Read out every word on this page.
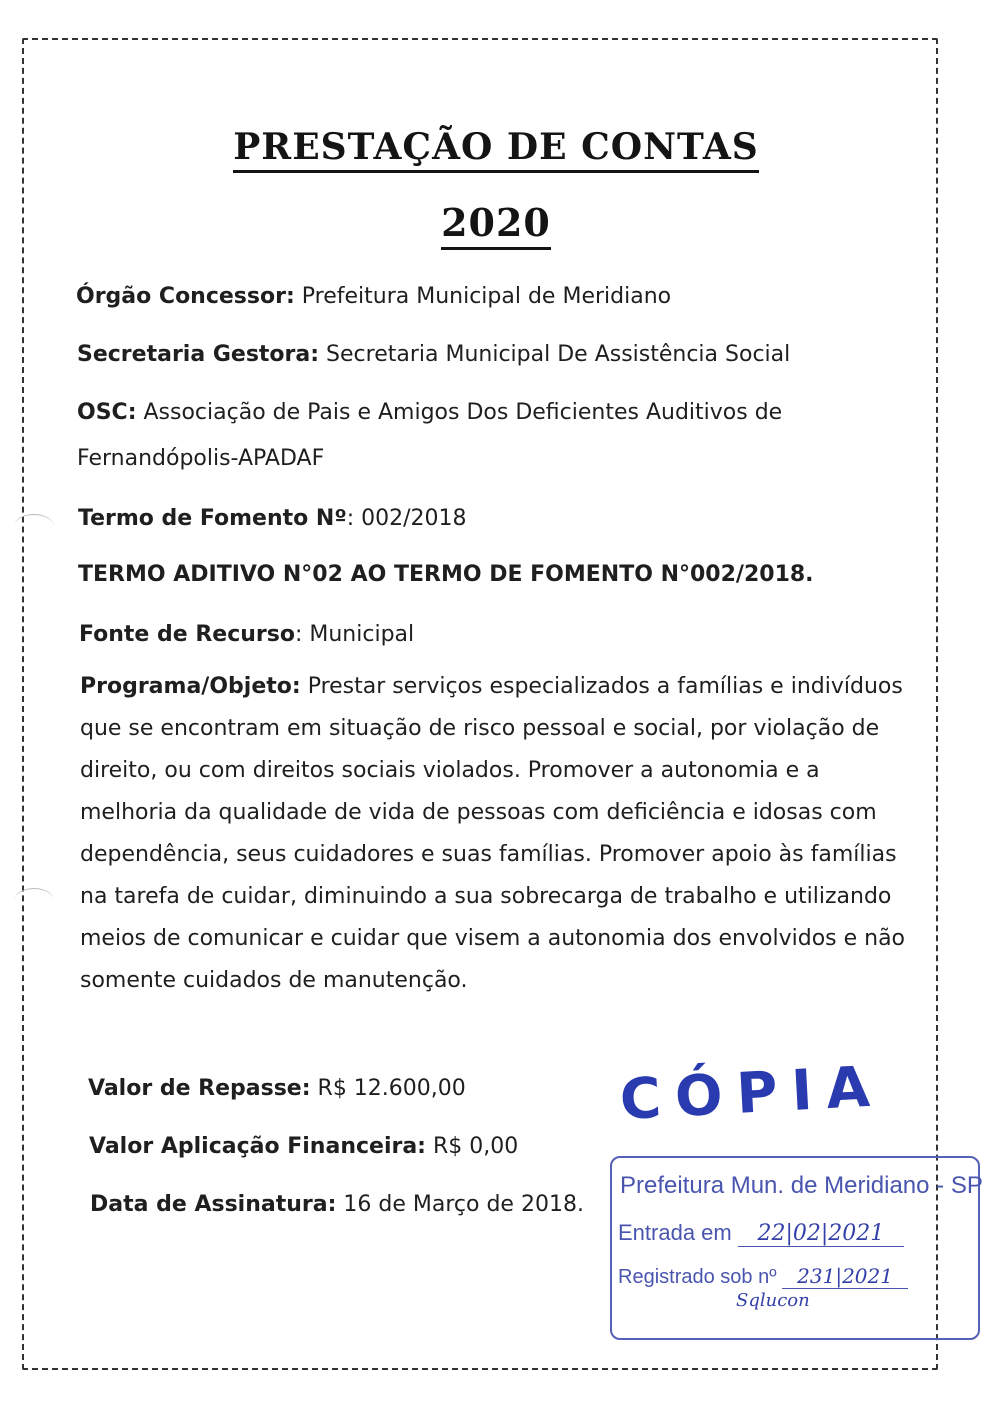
PRESTAÇÃO DE CONTAS
2020
Órgão Concessor: Prefeitura Municipal de Meridiano
Secretaria Gestora: Secretaria Municipal De Assistência Social
OSC: Associação de Pais e Amigos Dos Deficientes Auditivos de
Fernandópolis-APADAF
Termo de Fomento Nº: 002/2018
TERMO ADITIVO N°02 AO TERMO DE FOMENTO N°002/2018.
Fonte de Recurso: Municipal
Programa/Objeto: Prestar serviços especializados a famílias e indivíduos que se encontram em situação de risco pessoal e social, por violação de direito, ou com direitos sociais violados. Promover a autonomia e a melhoria da qualidade de vida de pessoas com deficiência e idosas com dependência, seus cuidadores e suas famílias. Promover apoio às famílias na tarefa de cuidar, diminuindo a sua sobrecarga de trabalho e utilizando meios de comunicar e cuidar que visem a autonomia dos envolvidos e não somente cuidados de manutenção.
Valor de Repasse: R$ 12.600,00
Valor Aplicação Financeira: R$ 0,00
Data de Assinatura: 16 de Março de 2018.
CÓPIA
Prefeitura Mun. de Meridiano - SP
Entrada em 22|02|2021
Registrado sob nº 231|2021
Sqlucon
